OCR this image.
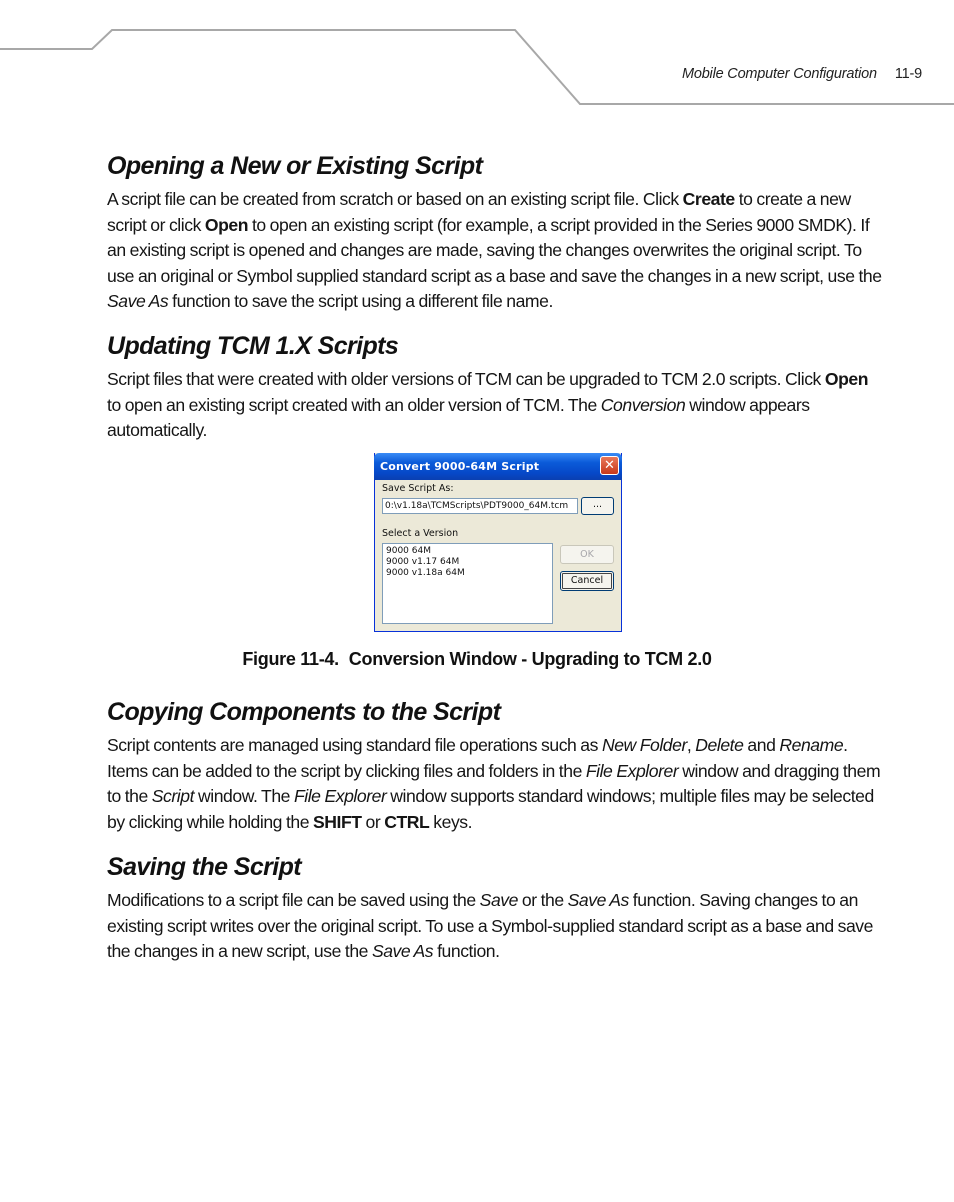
Mobile Computer Configuration 11-9
Opening a New or Existing Script

A script file can be created from scratch or based on an existing script file. Click Create to create a new script or click Open to open an existing script (for example, a script provided in the Series 9000 SMDK). If an existing script is opened and changes are made, saving the changes overwrites the original script. To use an original or Symbol supplied standard script as a base and save the changes in a new script, use the Save As function to save the script using a different file name.

Updating TCM 1.X Scripts

Script files that were created with older versions of TCM can be upgraded to TCM 2.0 scripts. Click Open to open an existing script created with an older version of TCM. The Conversion window appears automatically.

Convert 9000-64M Script	✕
Save Script As:
0:\v1.18a\TCMScripts\PDT9000_64M.tcm	...
Select a Version
9000 64M
9000 v1.17 64M
9000 v1.18a 64M
OK
Cancel
Figure 11-4. Conversion Window - Upgrading to TCM 2.0
Copying Components to the Script

Script contents are managed using standard file operations such as New Folder, Delete and Rename. Items can be added to the script by clicking files and folders in the File Explorer window and dragging them to the Script window. The File Explorer window supports standard windows; multiple files may be selected by clicking while holding the SHIFT or CTRL keys.

Saving the Script

Modifications to a script file can be saved using the Save or the Save As function. Saving changes to an existing script writes over the original script. To use a Symbol-supplied standard script as a base and save the changes in a new script, use the Save As function.
